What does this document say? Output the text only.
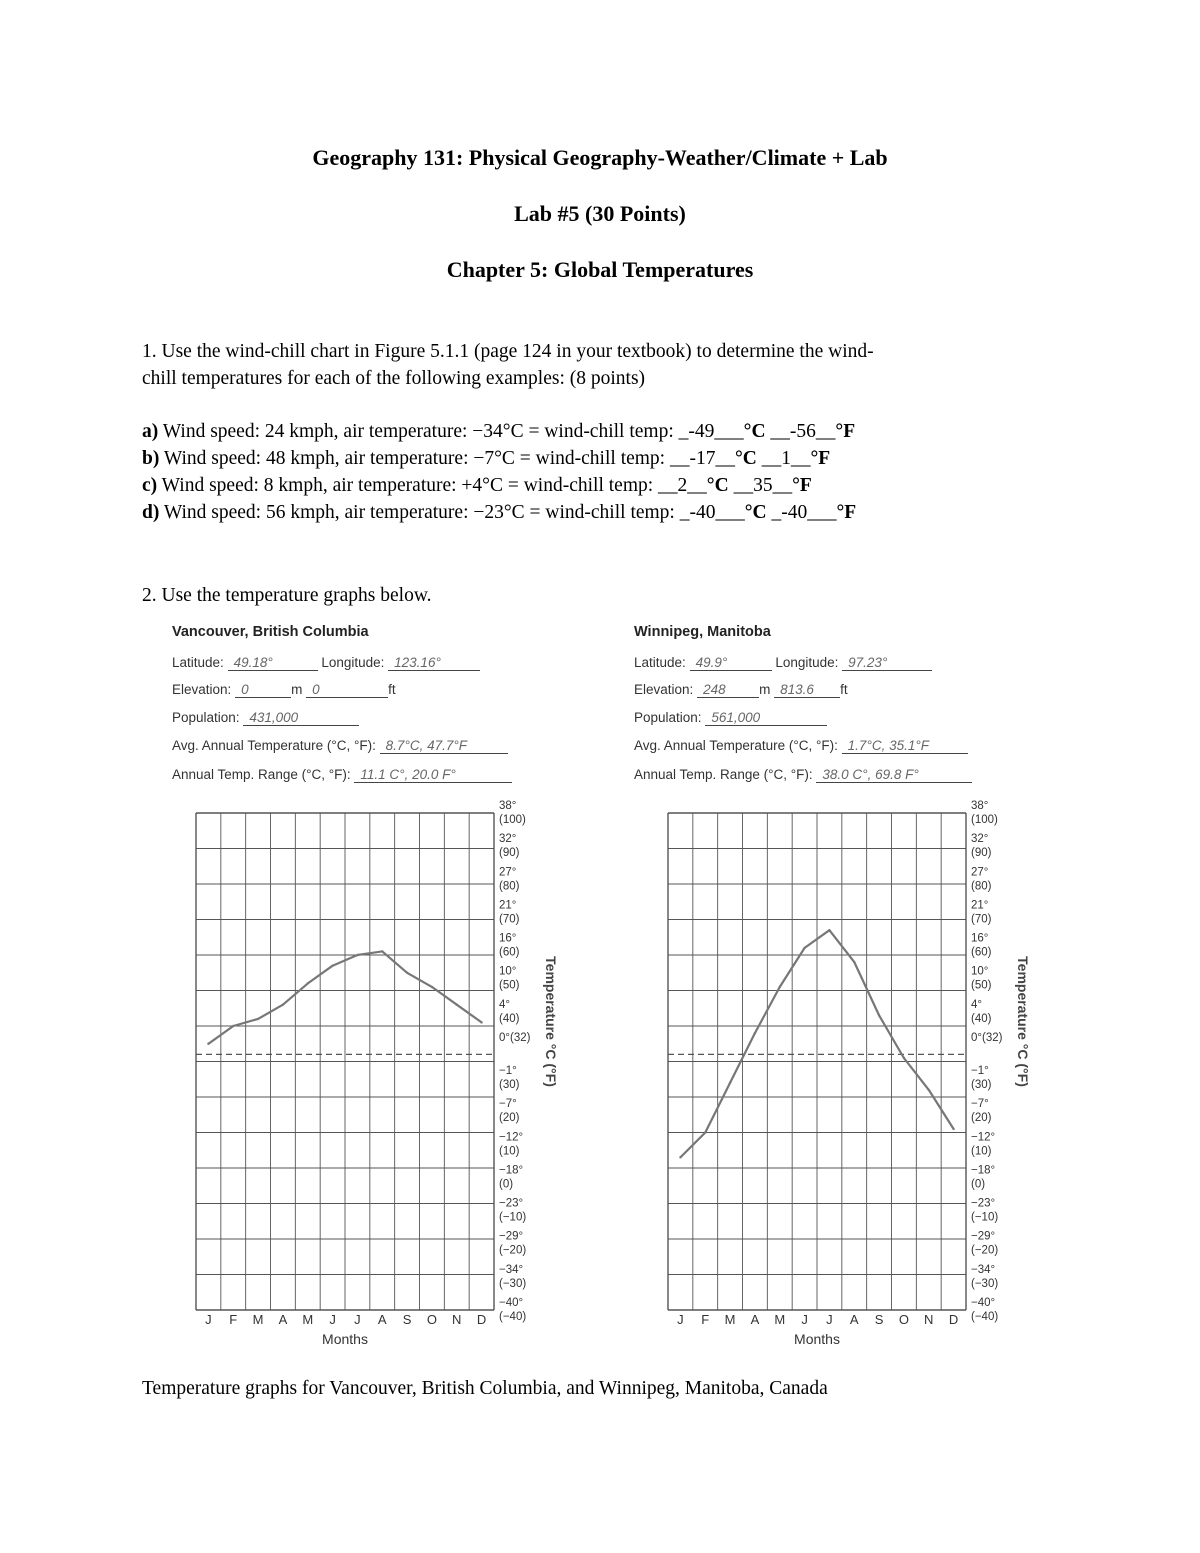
Geography 131: Physical Geography-Weather/Climate + Lab
Lab #5 (30 Points)
Chapter 5: Global Temperatures
1. Use the wind-chill chart in Figure 5.1.1 (page 124 in your textbook) to determine the wind-
chill temperatures for each of the following examples: (8 points)
a) Wind speed: 24 kmph, air temperature: −34°C = wind-chill temp: _-49___°C __-56__°F
b) Wind speed: 48 kmph, air temperature: −7°C = wind-chill temp: __-17__°C __1__°F
c) Wind speed: 8 kmph, air temperature: +4°C = wind-chill temp: __2__°C __35__°F
d) Wind speed: 56 kmph, air temperature: −23°C = wind-chill temp: _-40___°C _-40___°F
2. Use the temperature graphs below.
Vancouver, British Columbia
Latitude: 49.18°	Longitude: 123.16°
Elevation: 0	m 0	ft
Population: 431,000
Avg. Annual Temperature (°C, °F): 8.7°C, 47.7°F
Annual Temp. Range (°C, °F): 11.1 C°, 20.0 F°
Winnipeg, Manitoba
Latitude: 49.9°	Longitude: 97.23°
Elevation: 248 m 813.6 ft
Population: 561,000
Avg. Annual Temperature (°C, °F): 1.7°C, 35.1°F
Annual Temp. Range (°C, °F): 38.0 C°, 69.8 F°
J F M A M J J A S O N D
Months
38°
(100)
32°
(90)
27°
(80)
21°
(70)
16°
(60)
10°
(50)
4°
(40)
0°(32)
−1°
(30)
−7°
(20)
−12°
(10)
−18°
(0)
−23°
(−10)
−29°
(−20)
−34°
(−30)
−40°
(−40)
Temperature °C (°F)
J F M A M J J A S O N D
Months
38°
(100)
32°
(90)
27°
(80)
21°
(70)
16°
(60)
10°
(50)
4°
(40)
0°(32)
−1°
(30)
−7°
(20)
−12°
(10)
−18°
(0)
−23°
(−10)
−29°
(−20)
−34°
(−30)
−40°
(−40)
Temperature °C (°F)
Temperature graphs for Vancouver, British Columbia, and Winnipeg, Manitoba, Canada
